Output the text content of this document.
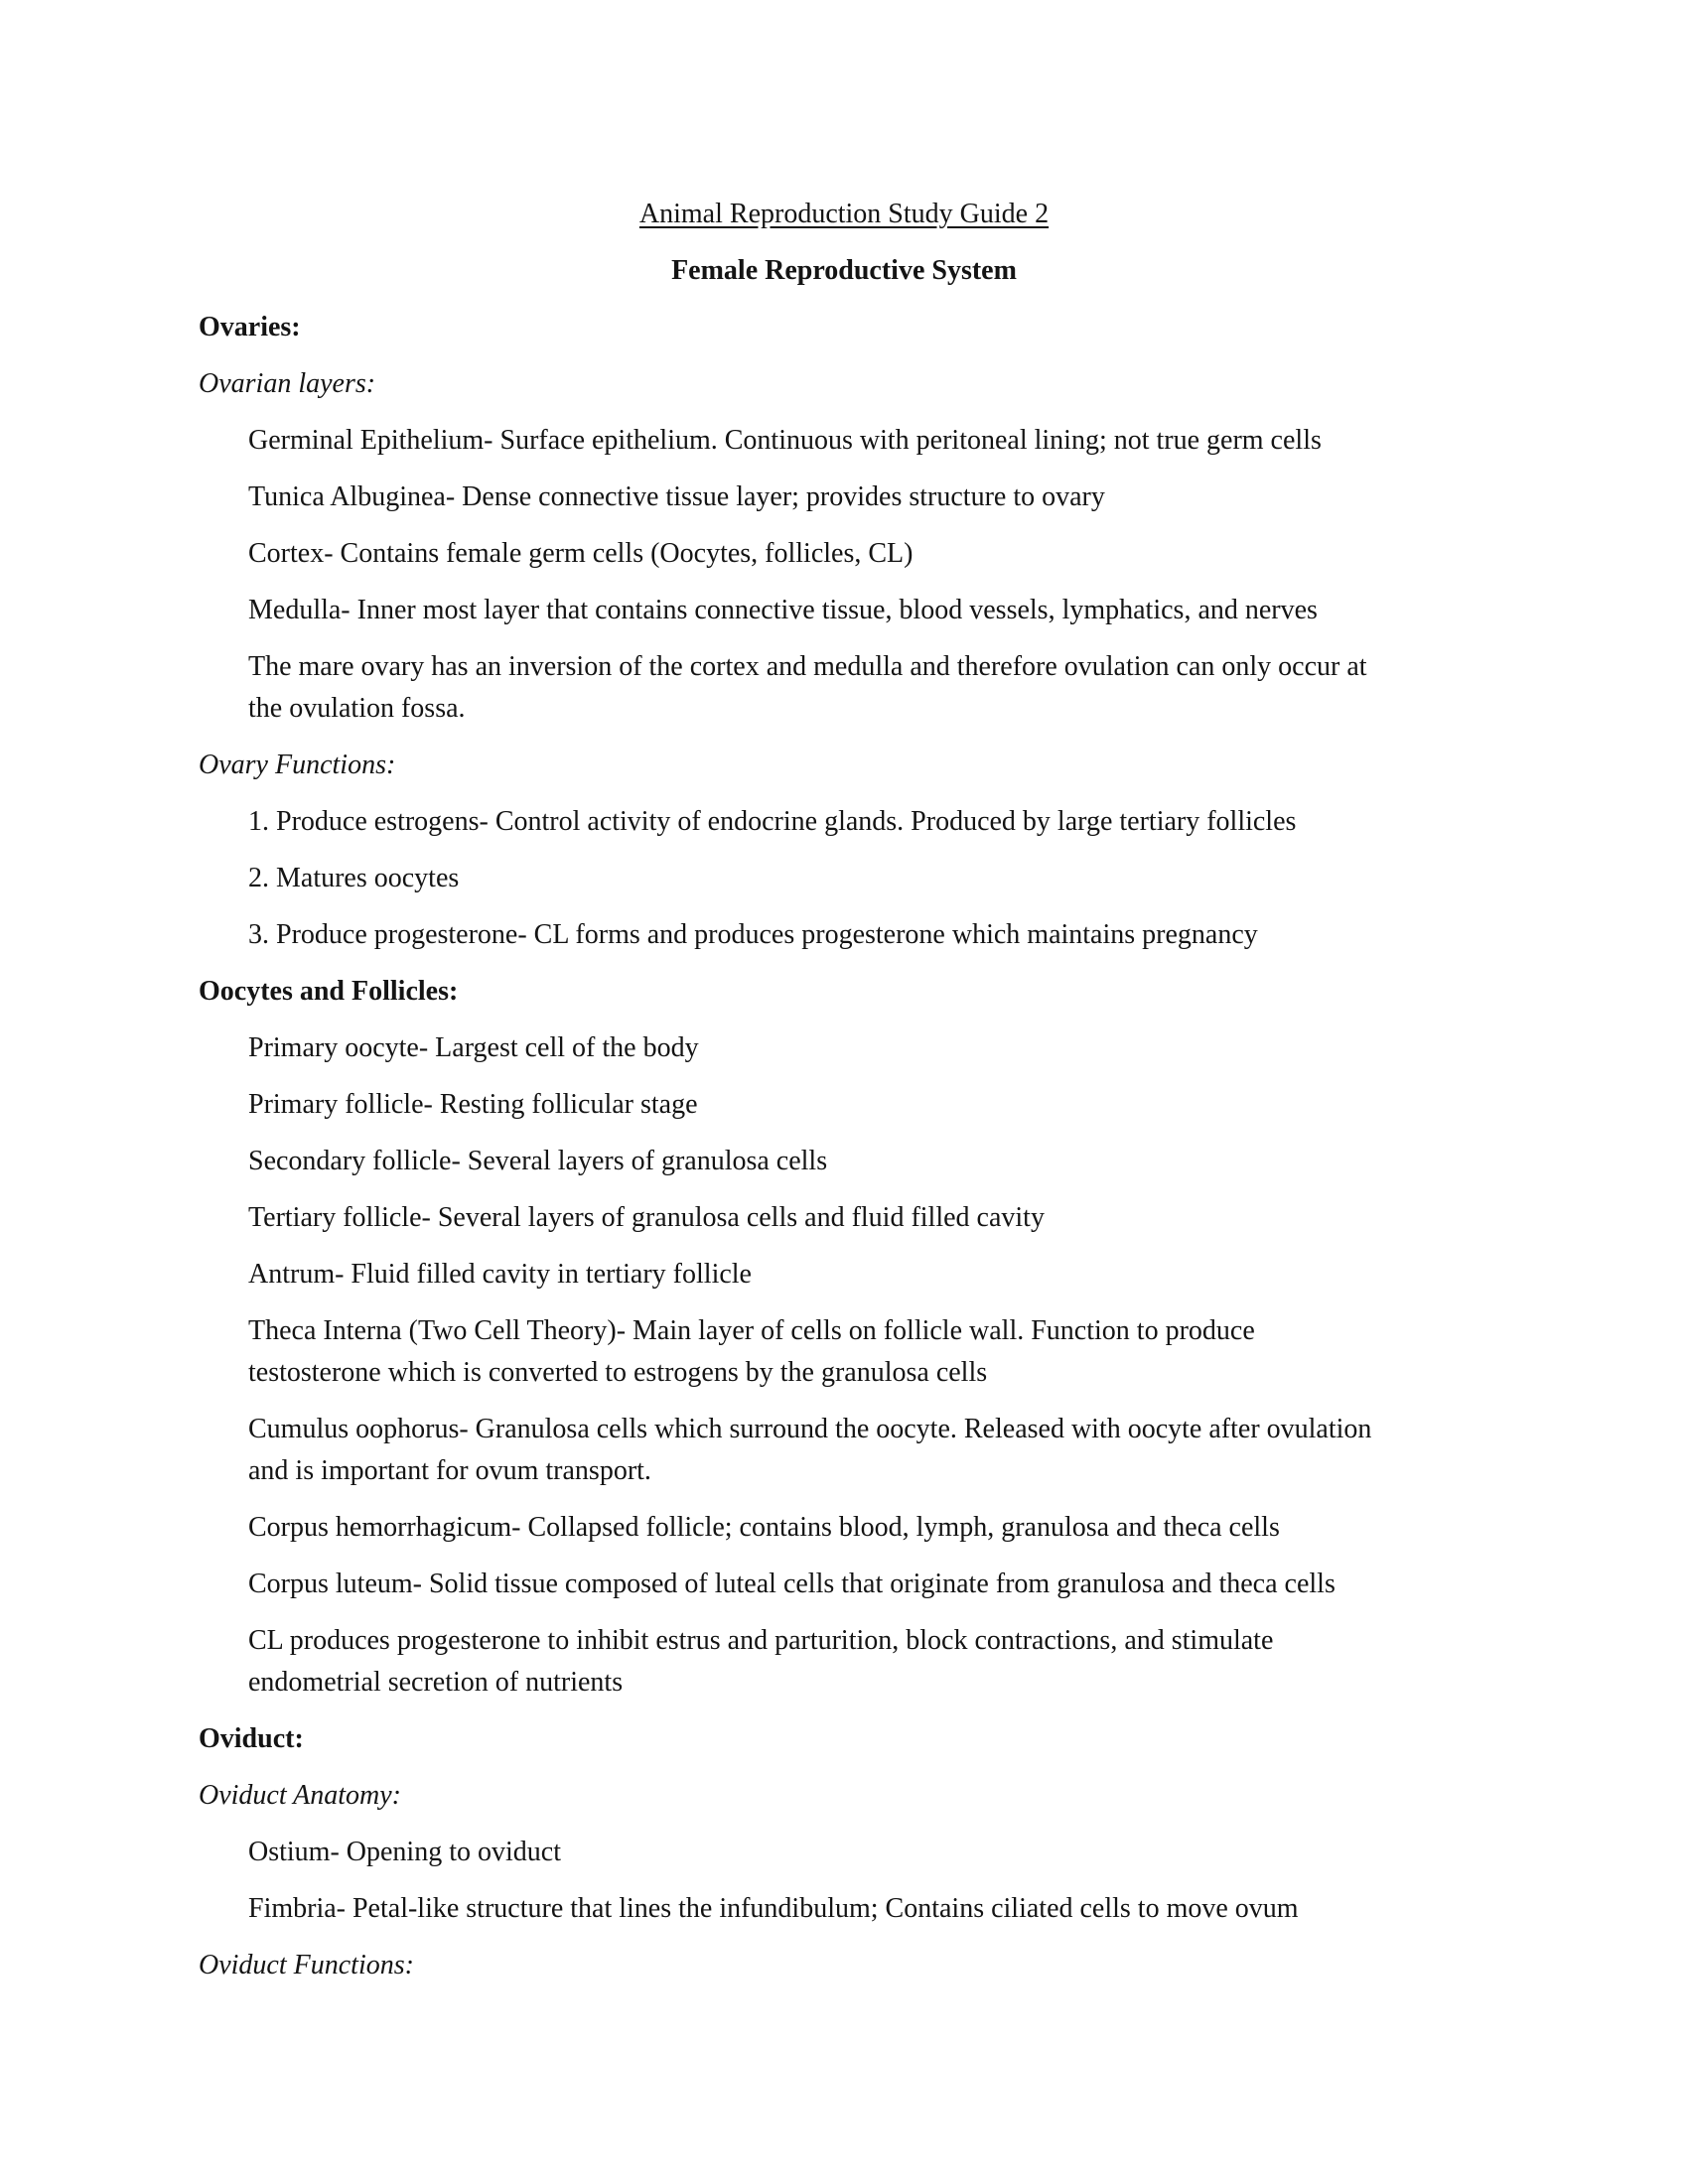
Animal Reproduction Study Guide 2
Female Reproductive System
Ovaries:
Ovarian layers:
Germinal Epithelium- Surface epithelium. Continuous with peritoneal lining; not true germ cells
Tunica Albuginea- Dense connective tissue layer; provides structure to ovary
Cortex- Contains female germ cells (Oocytes, follicles, CL)
Medulla- Inner most layer that contains connective tissue, blood vessels, lymphatics, and nerves
The mare ovary has an inversion of the cortex and medulla and therefore ovulation can only occur at
the ovulation fossa.
Ovary Functions:
1. Produce estrogens- Control activity of endocrine glands. Produced by large tertiary follicles
2. Matures oocytes
3. Produce progesterone- CL forms and produces progesterone which maintains pregnancy
Oocytes and Follicles:
Primary oocyte- Largest cell of the body
Primary follicle- Resting follicular stage
Secondary follicle- Several layers of granulosa cells
Tertiary follicle- Several layers of granulosa cells and fluid filled cavity
Antrum- Fluid filled cavity in tertiary follicle
Theca Interna (Two Cell Theory)- Main layer of cells on follicle wall. Function to produce
testosterone which is converted to estrogens by the granulosa cells
Cumulus oophorus- Granulosa cells which surround the oocyte. Released with oocyte after ovulation
and is important for ovum transport.
Corpus hemorrhagicum- Collapsed follicle; contains blood, lymph, granulosa and theca cells
Corpus luteum- Solid tissue composed of luteal cells that originate from granulosa and theca cells
CL produces progesterone to inhibit estrus and parturition, block contractions, and stimulate
endometrial secretion of nutrients
Oviduct:
Oviduct Anatomy:
Ostium- Opening to oviduct
Fimbria- Petal-like structure that lines the infundibulum; Contains ciliated cells to move ovum
Oviduct Functions:
